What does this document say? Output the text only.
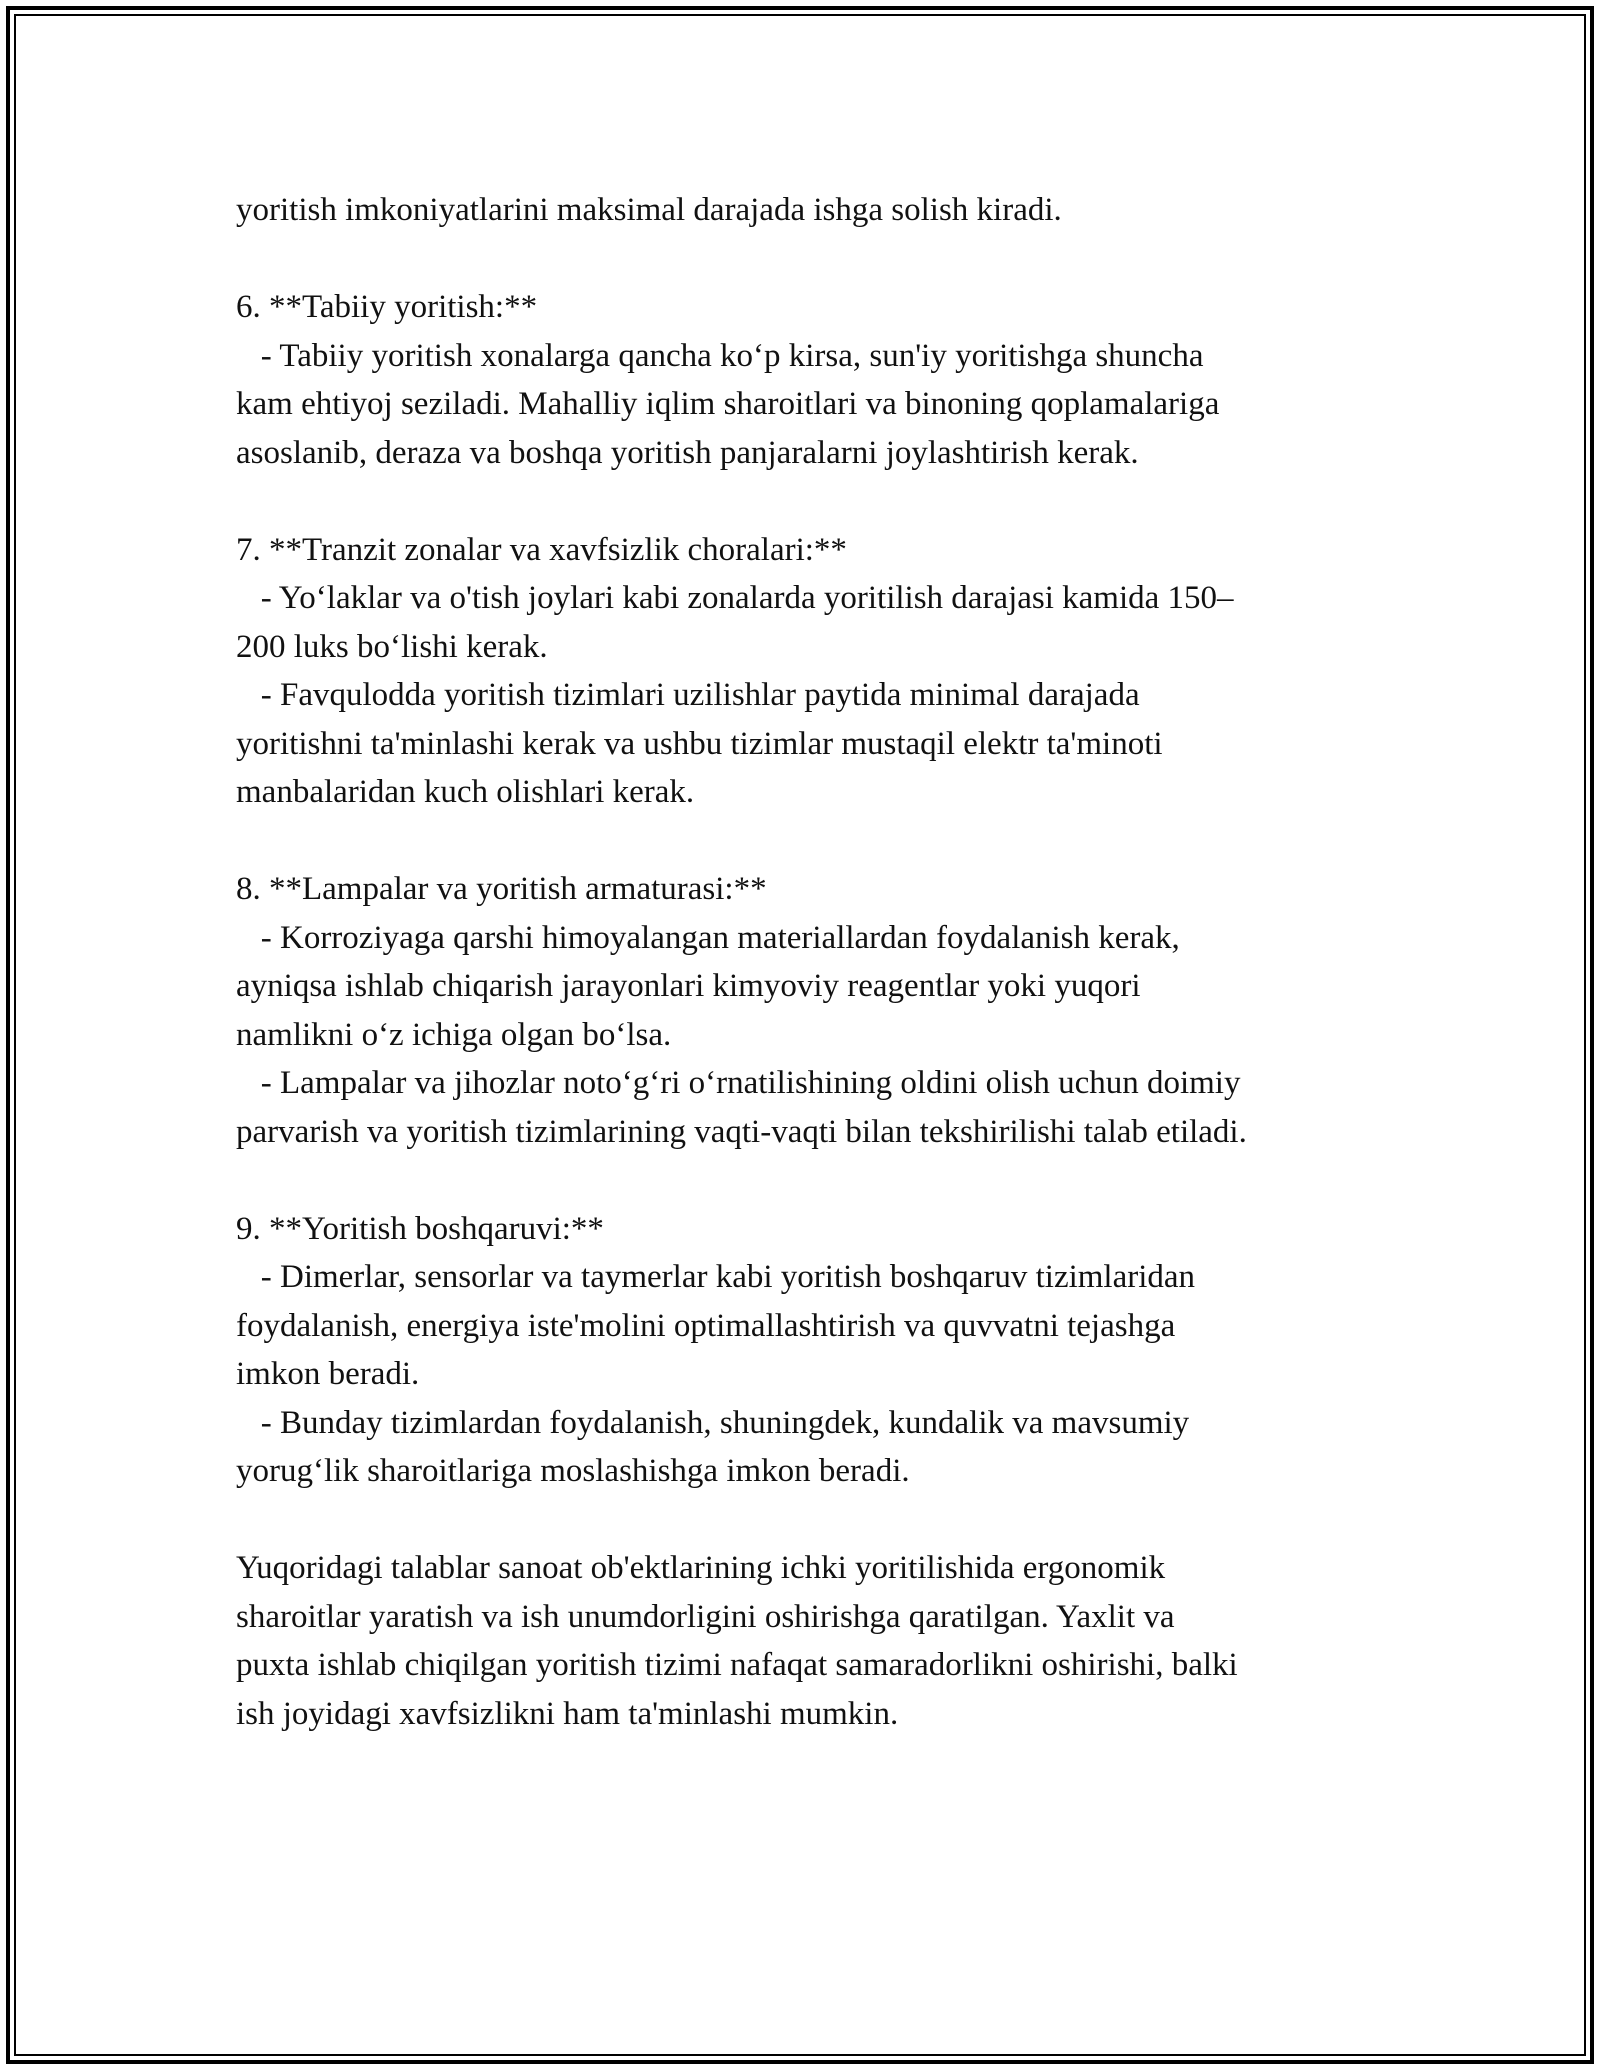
yoritish imkoniyatlarini maksimal darajada ishga solish kiradi.
6. **Tabiiy yoritish:**
- Tabiiy yoritish xonalarga qancha koʻp kirsa, sun'iy yoritishga shuncha
kam ehtiyoj seziladi. Mahalliy iqlim sharoitlari va binoning qoplamalariga
asoslanib, deraza va boshqa yoritish panjaralarni joylashtirish kerak.
7. **Tranzit zonalar va xavfsizlik choralari:**
- Yoʻlaklar va o'tish joylari kabi zonalarda yoritilish darajasi kamida 150–
200 luks boʻlishi kerak.
- Favqulodda yoritish tizimlari uzilishlar paytida minimal darajada
yoritishni ta'minlashi kerak va ushbu tizimlar mustaqil elektr ta'minoti
manbalaridan kuch olishlari kerak.
8. **Lampalar va yoritish armaturasi:**
- Korroziyaga qarshi himoyalangan materiallardan foydalanish kerak,
ayniqsa ishlab chiqarish jarayonlari kimyoviy reagentlar yoki yuqori
namlikni oʻz ichiga olgan boʻlsa.
- Lampalar va jihozlar notoʻgʻri oʻrnatilishining oldini olish uchun doimiy
parvarish va yoritish tizimlarining vaqti-vaqti bilan tekshirilishi talab etiladi.
9. **Yoritish boshqaruvi:**
- Dimerlar, sensorlar va taymerlar kabi yoritish boshqaruv tizimlaridan
foydalanish, energiya iste'molini optimallashtirish va quvvatni tejashga
imkon beradi.
- Bunday tizimlardan foydalanish, shuningdek, kundalik va mavsumiy
yorugʻlik sharoitlariga moslashishga imkon beradi.
Yuqoridagi talablar sanoat ob'ektlarining ichki yoritilishida ergonomik
sharoitlar yaratish va ish unumdorligini oshirishga qaratilgan. Yaxlit va
puxta ishlab chiqilgan yoritish tizimi nafaqat samaradorlikni oshirishi, balki
ish joyidagi xavfsizlikni ham ta'minlashi mumkin.
